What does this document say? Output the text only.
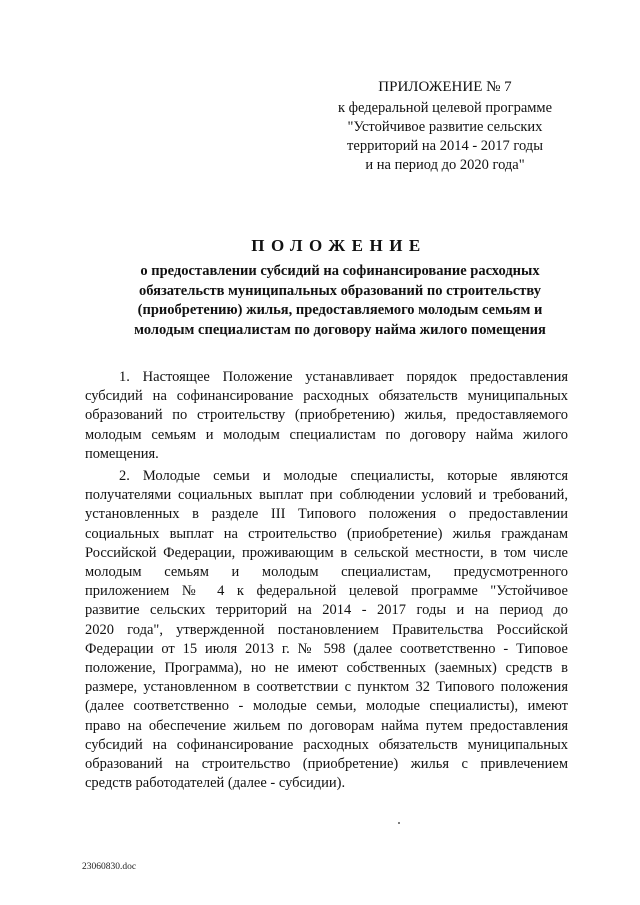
ПРИЛОЖЕНИЕ № 7
к федеральной целевой программе
"Устойчивое развитие сельских
территорий на 2014 - 2017 годы
и на период до 2020 года"
ПОЛОЖЕНИЕ
о предоставлении субсидий на софинансирование расходных
обязательств муниципальных образований по строительству
(приобретению) жилья, предоставляемого молодым семьям и
молодым специалистам по договору найма жилого помещения
1. Настоящее Положение устанавливает порядок предоставления
субсидий на софинансирование расходных обязательств муниципальных
образований по строительству (приобретению) жилья, предоставляемого
молодым семьям и молодым специалистам по договору найма жилого
помещения.
2. Молодые семьи и молодые специалисты, которые являются
получателями социальных выплат при соблюдении условий и требований,
установленных в разделе III Типового положения о предоставлении
социальных выплат на строительство (приобретение) жилья гражданам
Российской Федерации, проживающим в сельской местности, в том числе
молодым семьям и молодым специалистам, предусмотренного
приложением № 4 к федеральной целевой программе "Устойчивое
развитие сельских территорий на 2014 - 2017 годы и на период до
2020 года", утвержденной постановлением Правительства Российской
Федерации от 15 июля 2013 г. № 598 (далее соответственно - Типовое
положение, Программа), но не имеют собственных (заемных) средств в
размере, установленном в соответствии с пунктом 32 Типового положения
(далее соответственно - молодые семьи, молодые специалисты), имеют
право на обеспечение жильем по договорам найма путем предоставления
субсидий на софинансирование расходных обязательств муниципальных
образований на строительство (приобретение) жилья с привлечением
средств работодателей (далее - субсидии).
23060830.doc
